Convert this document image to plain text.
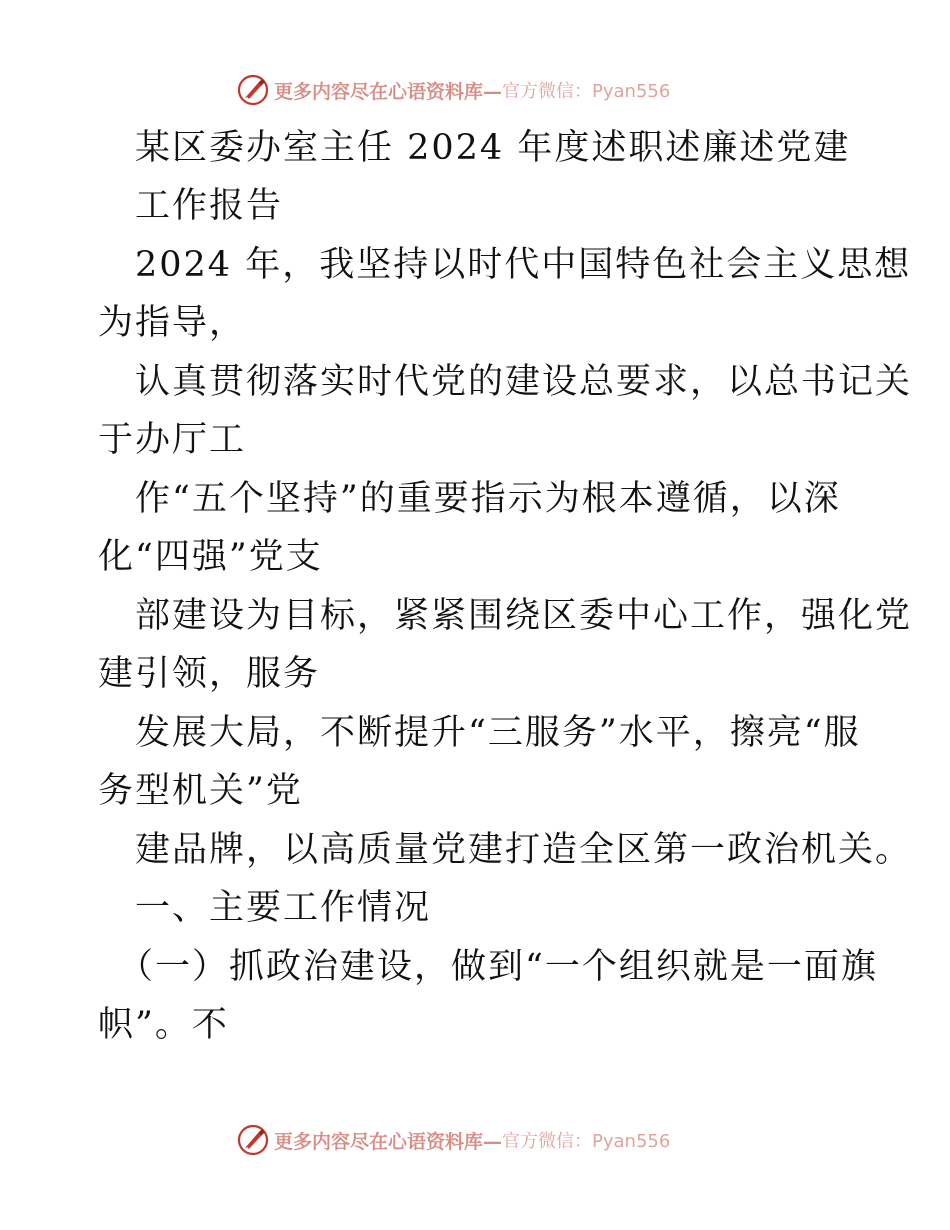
更多内容尽在心语资料库— 官方微信：Pyan556
某区委办室主任 2024 年度述职述廉述党建
工作报告
2024 年，我坚持以时代中国特色社会主义思想
为指导，
认真贯彻落实时代党的建设总要求，以总书记关
于办厅工
作“五个坚持”的重要指示为根本遵循，以深
化“四强”党支
部建设为目标，紧紧围绕区委中心工作，强化党
建引领，服务
发展大局，不断提升“三服务”水平，擦亮“服
务型机关”党
建品牌，以高质量党建打造全区第一政治机关。
一、主要工作情况
（一）抓政治建设，做到“一个组织就是一面旗
帜”。不
更多内容尽在心语资料库— 官方微信：Pyan556
